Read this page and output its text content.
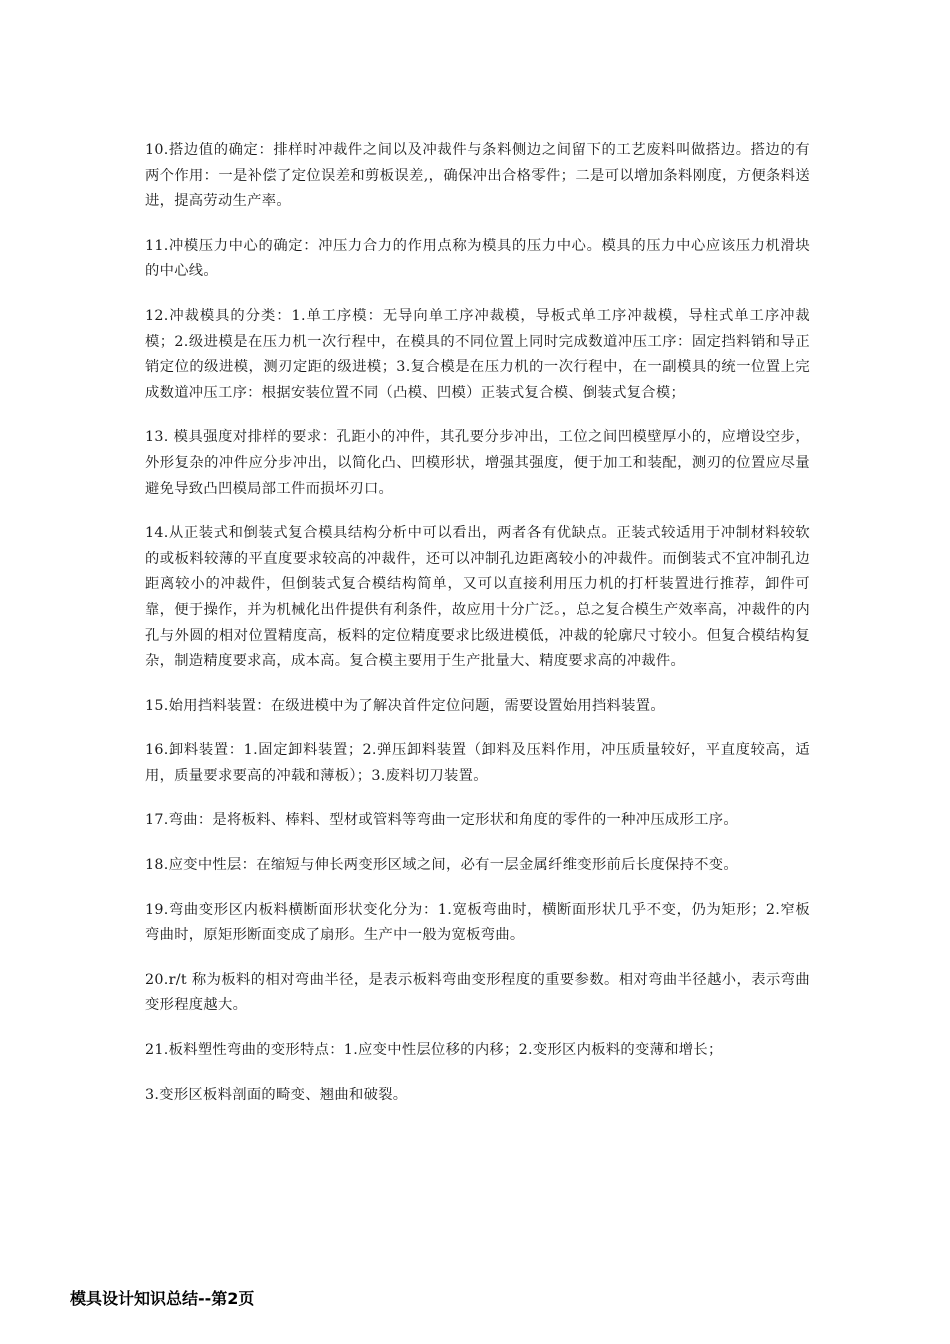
10.搭边值的确定：排样时冲裁件之间以及冲裁件与条料侧边之间留下的工艺废料叫做搭边。搭边的有两个作用：一是补偿了定位误差和剪板误差,，确保冲出合格零件；二是可以增加条料刚度，方便条料送进，提高劳动生产率。

11.冲模压力中心的确定：冲压力合力的作用点称为模具的压力中心。模具的压力中心应该压力机滑块的中心线。

12.冲裁模具的分类：1.单工序模：无导向单工序冲裁模，导板式单工序冲裁模，导柱式单工序冲裁模；2.级进模是在压力机一次行程中，在模具的不同位置上同时完成数道冲压工序：固定挡料销和导正销定位的级进模，测刃定距的级进模；3.复合模是在压力机的一次行程中，在一副模具的统一位置上完成数道冲压工序：根据安装位置不同（凸模、凹模）正装式复合模、倒装式复合模；

13. 模具强度对排样的要求：孔距小的冲件，其孔要分步冲出，工位之间凹模壁厚小的，应增设空步，外形复杂的冲件应分步冲出，以简化凸、凹模形状，增强其强度，便于加工和装配，测刃的位置应尽量避免导致凸凹模局部工件而损坏刃口。

14.从正装式和倒装式复合模具结构分析中可以看出，两者各有优缺点。正装式较适用于冲制材料较软的或板料较薄的平直度要求较高的冲裁件，还可以冲制孔边距离较小的冲裁件。而倒装式不宜冲制孔边距离较小的冲裁件，但倒装式复合模结构简单，又可以直接利用压力机的打杆装置进行推荐，卸件可靠，便于操作，并为机械化出件提供有利条件，故应用十分广泛。，总之复合模生产效率高，冲裁件的内孔与外圆的相对位置精度高，板料的定位精度要求比级进模低，冲裁的轮廓尺寸较小。但复合模结构复杂，制造精度要求高，成本高。复合模主要用于生产批量大、精度要求高的冲裁件。

15.始用挡料装置：在级进模中为了解决首件定位问题，需要设置始用挡料装置。

16.卸料装置：1.固定卸料装置；2.弹压卸料装置（卸料及压料作用，冲压质量较好，平直度较高，适用，质量要求要高的冲载和薄板）；3.废料切刀装置。

17.弯曲：是将板料、棒料、型材或管料等弯曲一定形状和角度的零件的一种冲压成形工序。

18.应变中性层：在缩短与伸长两变形区域之间，必有一层金属纤维变形前后长度保持不变。

19.弯曲变形区内板料横断面形状变化分为：1.宽板弯曲时，横断面形状几乎不变，仍为矩形；2.窄板弯曲时，原矩形断面变成了扇形。生产中一般为宽板弯曲。

20.r/t 称为板料的相对弯曲半径，是表示板料弯曲变形程度的重要参数。相对弯曲半径越小，表示弯曲变形程度越大。

21.板料塑性弯曲的变形特点：1.应变中性层位移的内移；2.变形区内板料的变薄和增长；

3.变形区板料剖面的畸变、翘曲和破裂。

模具设计知识总结--第2页
